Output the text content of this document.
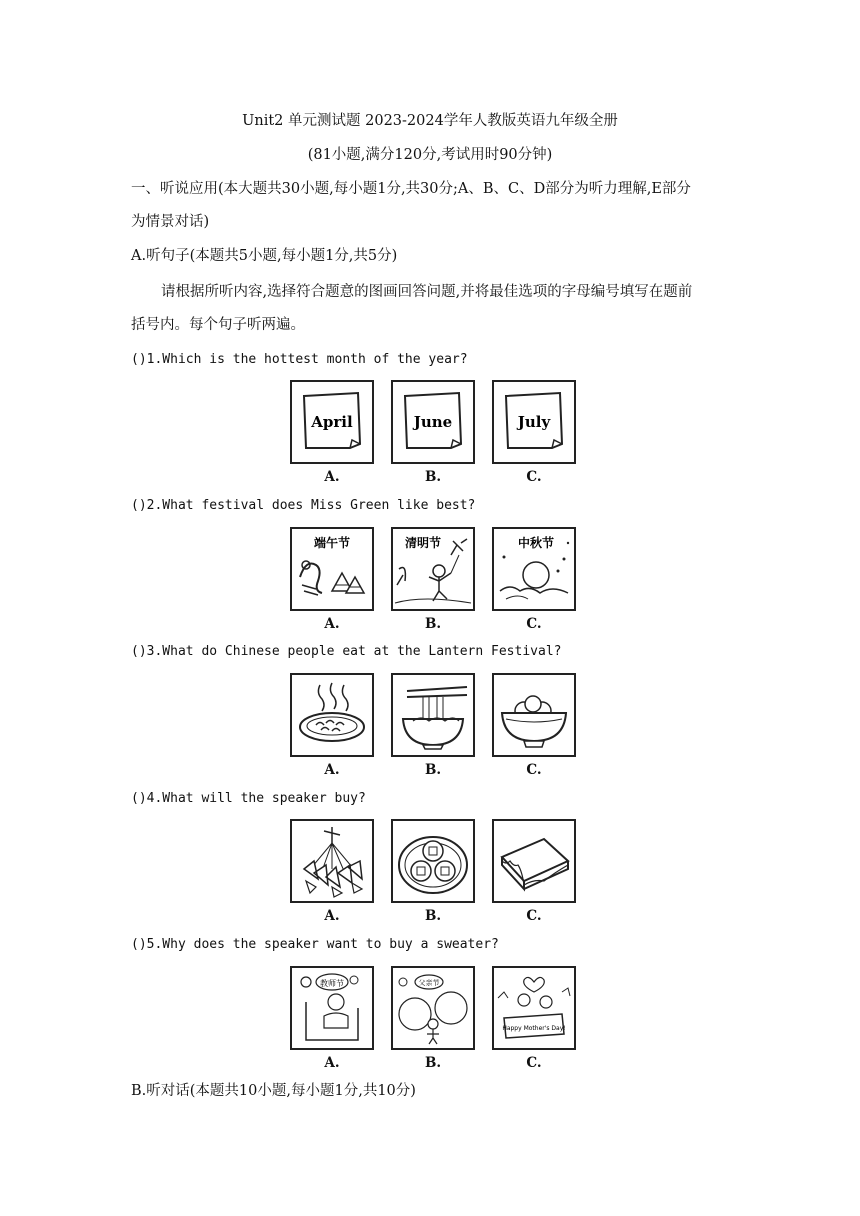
Unit2 单元测试题 2023-2024学年人教版英语九年级全册
(81小题,满分120分,考试用时90分钟)
一、听说应用(本大题共30小题,每小题1分,共30分;A、B、C、D部分为听力理解,E部分
为情景对话)
A.听句子(本题共5小题,每小题1分,共5分)
请根据所听内容,选择符合题意的图画回答问题,并将最佳选项的字母编号填写在题前
括号内。每个句子听两遍。
()1.Which is the hottest month of the year?
April
A.
June
B.
July
C.
()2.What festival does Miss Green like best?
端午节
A.
清明节
B.
中秋节
C.
()3.What do Chinese people eat at the Lantern Festival?
A.	B.	C.
()4.What will the speaker buy?
A.	B.	C.
()5.Why does the speaker want to buy a sweater?
教师节
A.
父亲节
B.
Happy Mother's Day!
C.
B.听对话(本题共10小题,每小题1分,共10分)
